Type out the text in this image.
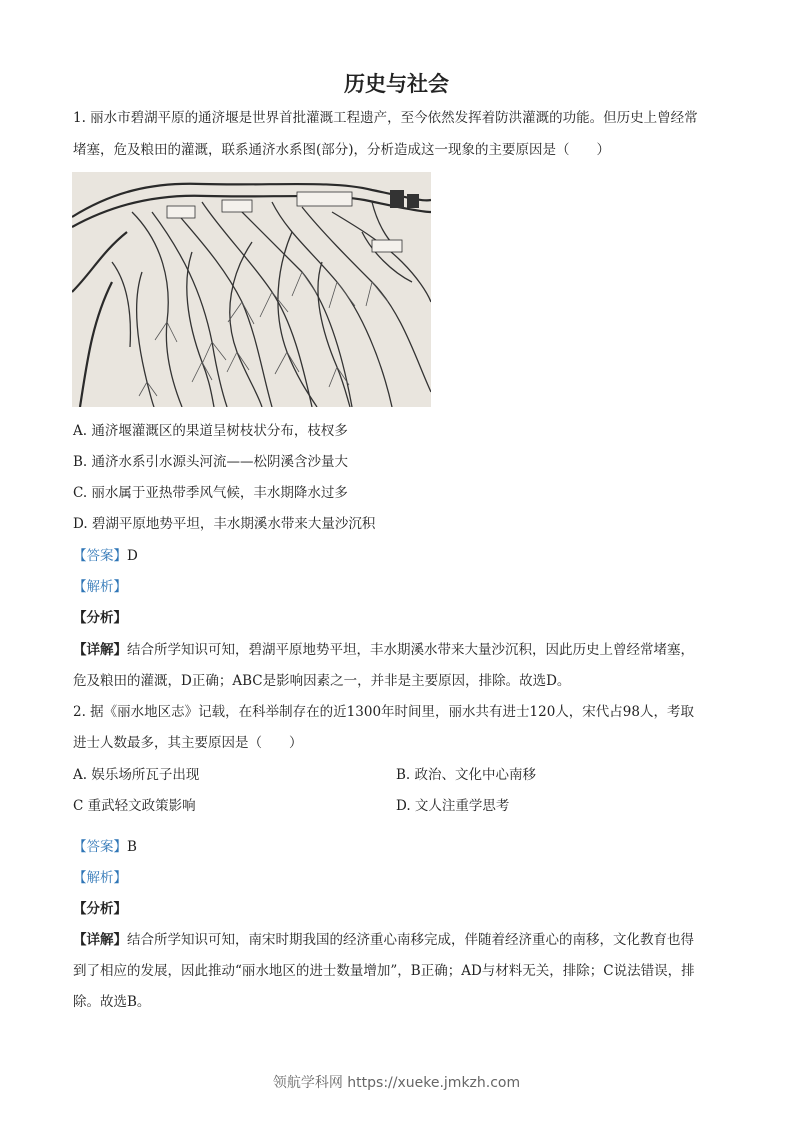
历史与社会
1. 丽水市碧湖平原的通济堰是世界首批灌溉工程遗产，至今依然发挥着防洪灌溉的功能。但历史上曾经常
堵塞，危及粮田的灌溉，联系通济水系图(部分)，分析造成这一现象的主要原因是（　　）
A. 通济堰灌溉区的果道呈树枝状分布，枝杈多
B. 通济水系引水源头河流——松阴溪含沙量大
C. 丽水属于亚热带季风气候，丰水期降水过多
D. 碧湖平原地势平坦，丰水期溪水带来大量沙沉积
【答案】D
【解析】
【分析】
【详解】结合所学知识可知，碧湖平原地势平坦，丰水期溪水带来大量沙沉积，因此历史上曾经常堵塞，
危及粮田的灌溉，D正确；ABC是影响因素之一，并非是主要原因，排除。故选D。
2. 据《丽水地区志》记载，在科举制存在的近1300年时间里，丽水共有进士120人，宋代占98人，考取
进士人数最多，其主要原因是（　　）
A. 娱乐场所瓦子出现	B. 政治、文化中心南移
C 重武轻文政策影响	D. 文人注重学思考
【答案】B
【解析】
【分析】
【详解】结合所学知识可知，南宋时期我国的经济重心南移完成，伴随着经济重心的南移，文化教育也得
到了相应的发展，因此推动“丽水地区的进士数量增加”，B正确；AD与材料无关，排除；C说法错误，排
除。故选B。
领航学科网 https://xueke.jmkzh.com
